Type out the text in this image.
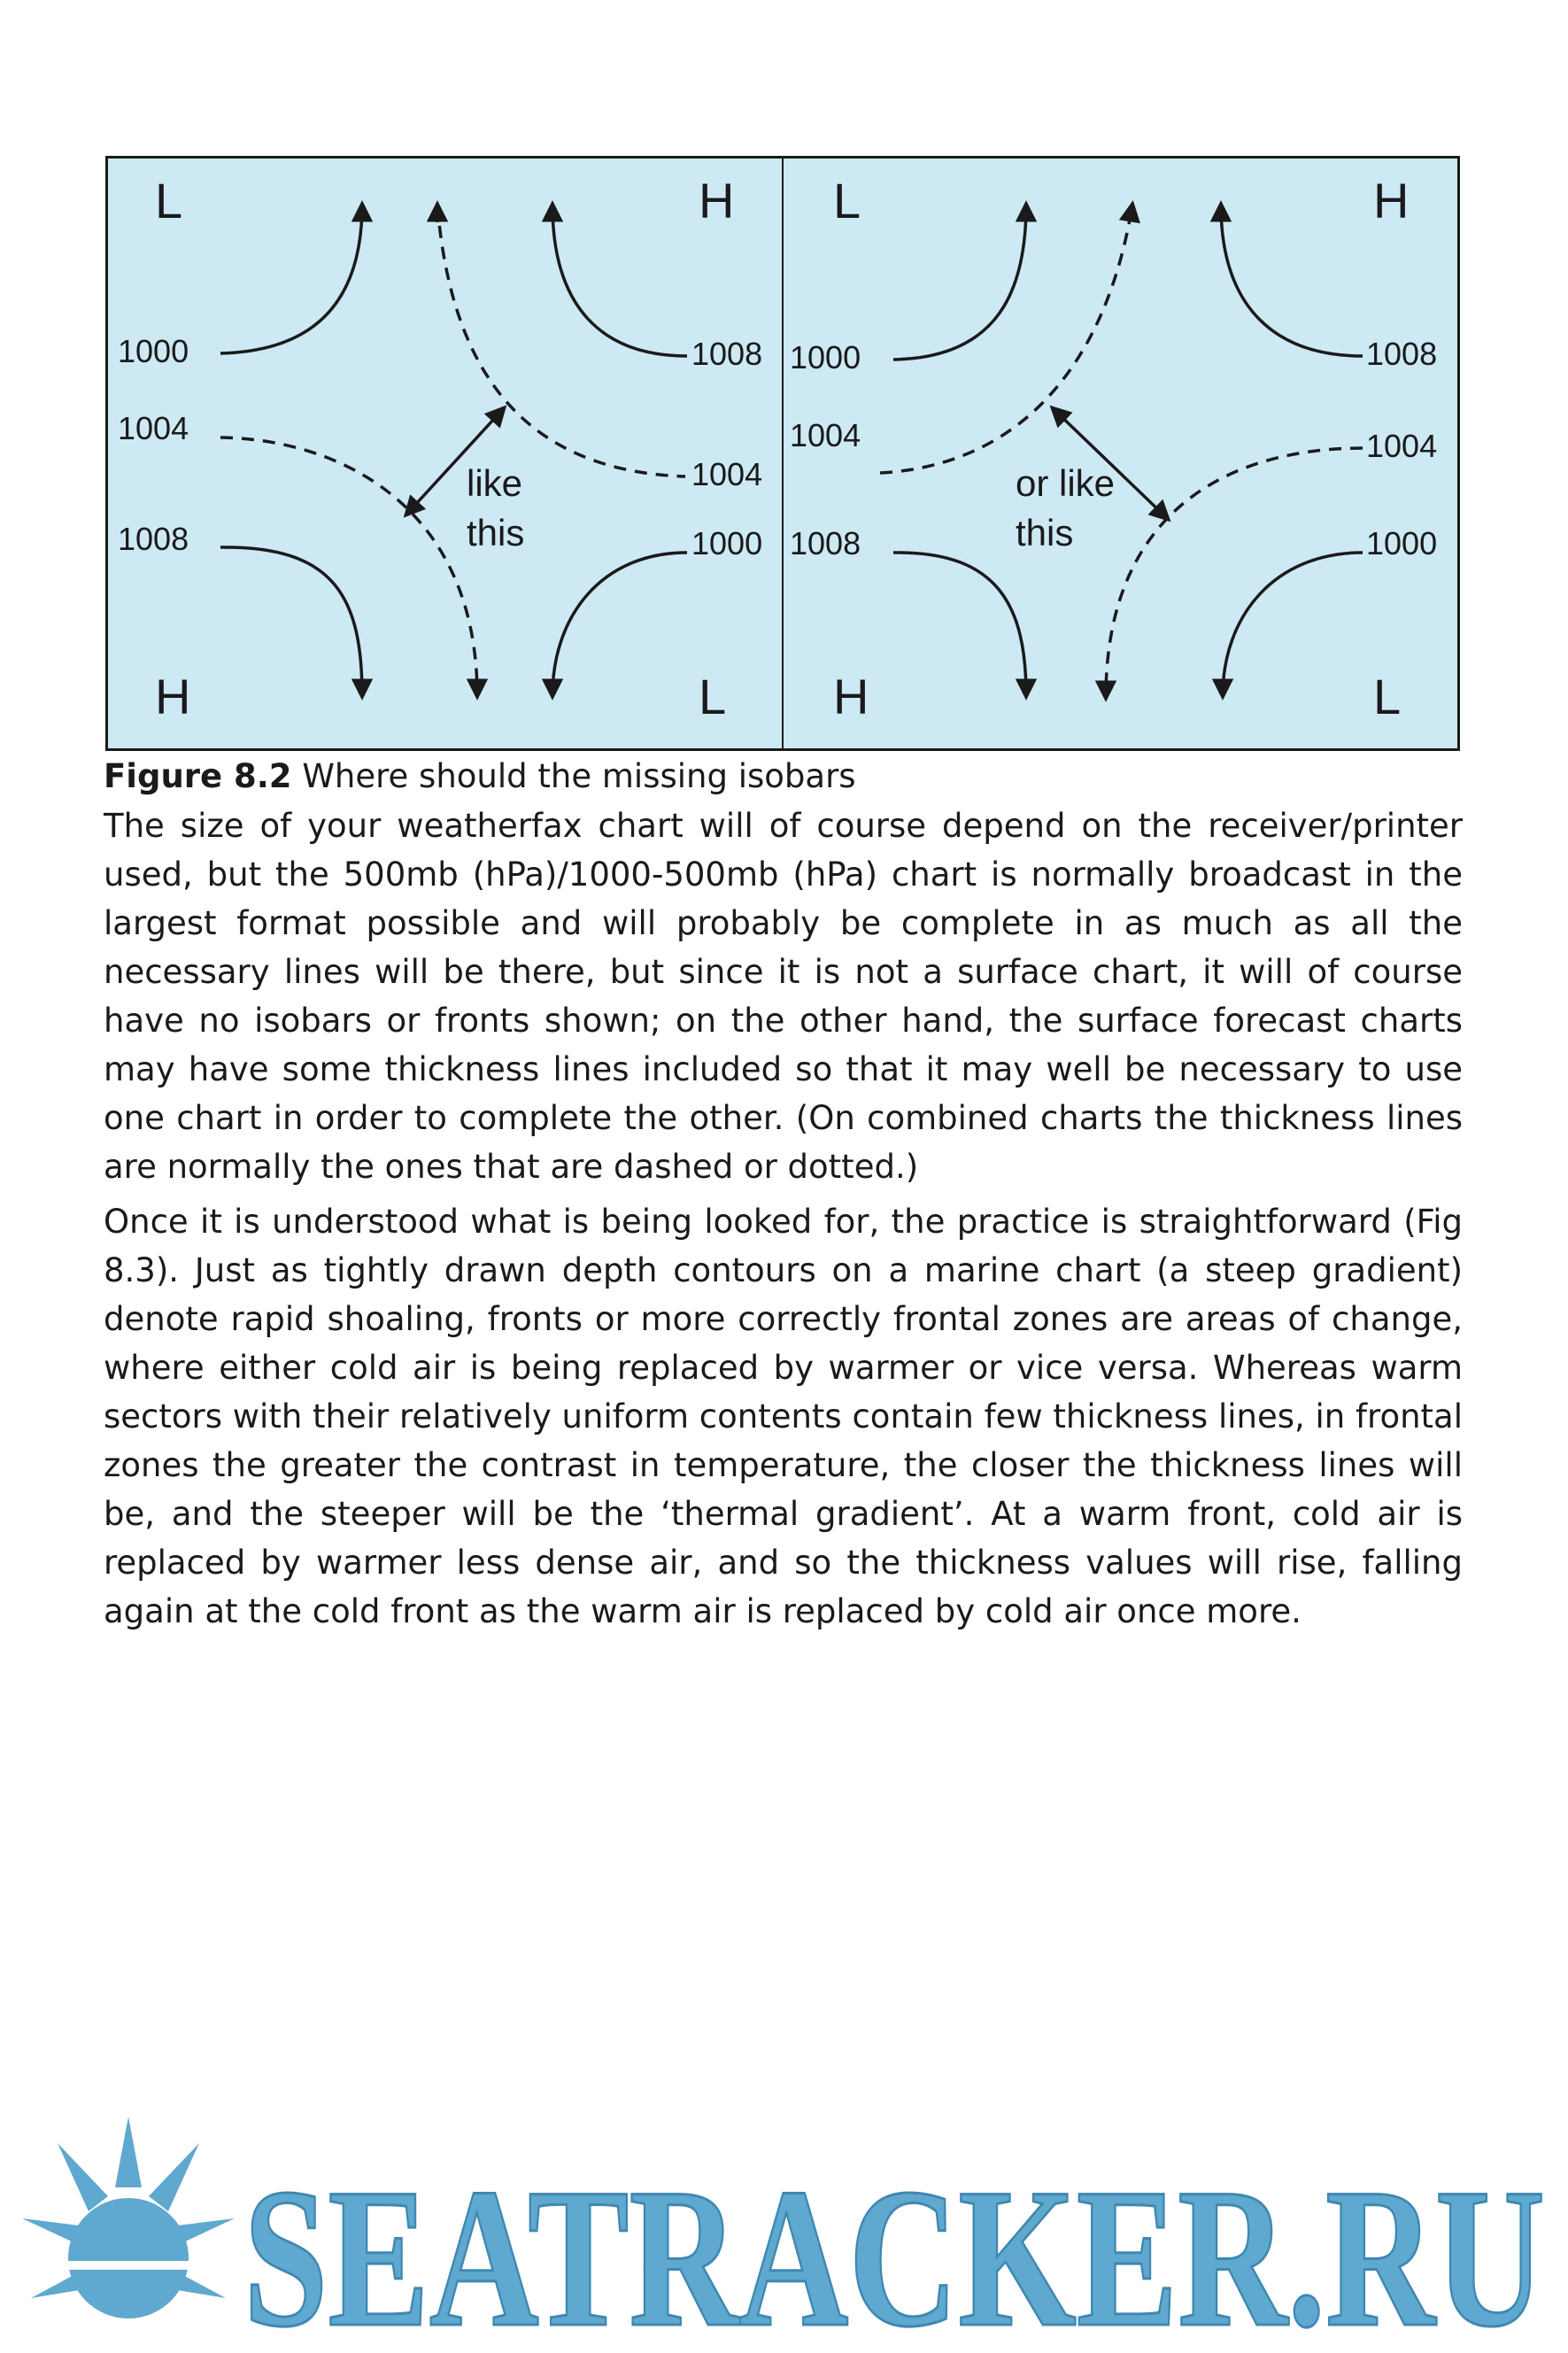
L	H
H	L
1000
1004
1008
1008
1004
1000
like
this
L	H
H	L
1000
1004
1008
1008
1004
1000
or like
this

Figure 8.2 Where should the missing isobars

The size of your weatherfax chart will of course depend on the receiver/printer used, but the 500mb (hPa)/1000-500mb (hPa) chart is normally broadcast in the largest format possible and will probably be complete in as much as all the necessary lines will be there, but since it is not a surface chart, it will of course have no isobars or fronts shown; on the other hand, the surface forecast charts may have some thickness lines included so that it may well be necessary to use one chart in order to complete the other. (On combined charts the thickness lines are normally the ones that are dashed or dotted.)

Once it is understood what is being looked for, the practice is straightforward (Fig 8.3). Just as tightly drawn depth contours on a marine chart (a steep gradient) denote rapid shoaling, fronts or more correctly frontal zones are areas of change, where either cold air is being replaced by warmer or vice versa. Whereas warm sectors with their relatively uniform contents contain few thickness lines, in frontal zones the greater the contrast in temperature, the closer the thickness lines will be, and the steeper will be the ‘thermal gradient’. At a warm front, cold air is replaced by warmer less dense air, and so the thickness values will rise, falling again at the cold front as the warm air is replaced by cold air once more.

SEATRACKER.RU
